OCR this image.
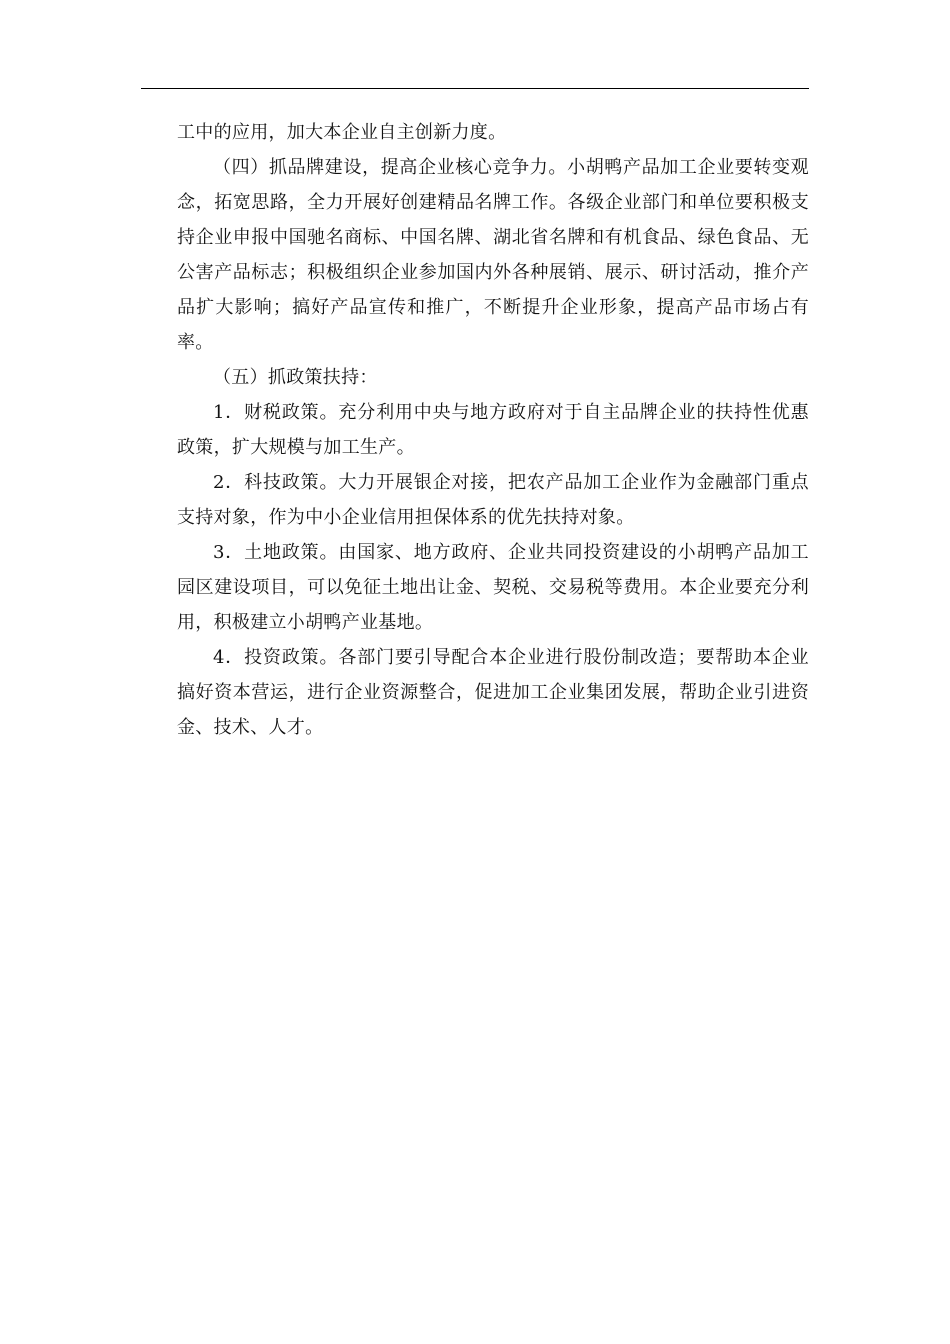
工中的应用，加大本企业自主创新力度。

（四）抓品牌建设，提高企业核心竞争力。小胡鸭产品加工企业要转变观念，拓宽思路，全力开展好创建精品名牌工作。各级企业部门和单位要积极支持企业申报中国驰名商标、中国名牌、湖北省名牌和有机食品、绿色食品、无公害产品标志；积极组织企业参加国内外各种展销、展示、研讨活动，推介产品扩大影响；搞好产品宣传和推广，不断提升企业形象，提高产品市场占有率。

（五）抓政策扶持：

1．财税政策。充分利用中央与地方政府对于自主品牌企业的扶持性优惠政策，扩大规模与加工生产。

2．科技政策。大力开展银企对接，把农产品加工企业作为金融部门重点支持对象，作为中小企业信用担保体系的优先扶持对象。

3．土地政策。由国家、地方政府、企业共同投资建设的小胡鸭产品加工园区建设项目，可以免征土地出让金、契税、交易税等费用。本企业要充分利用，积极建立小胡鸭产业基地。

4．投资政策。各部门要引导配合本企业进行股份制改造；要帮助本企业搞好资本营运，进行企业资源整合，促进加工企业集团发展，帮助企业引进资金、技术、人才。
